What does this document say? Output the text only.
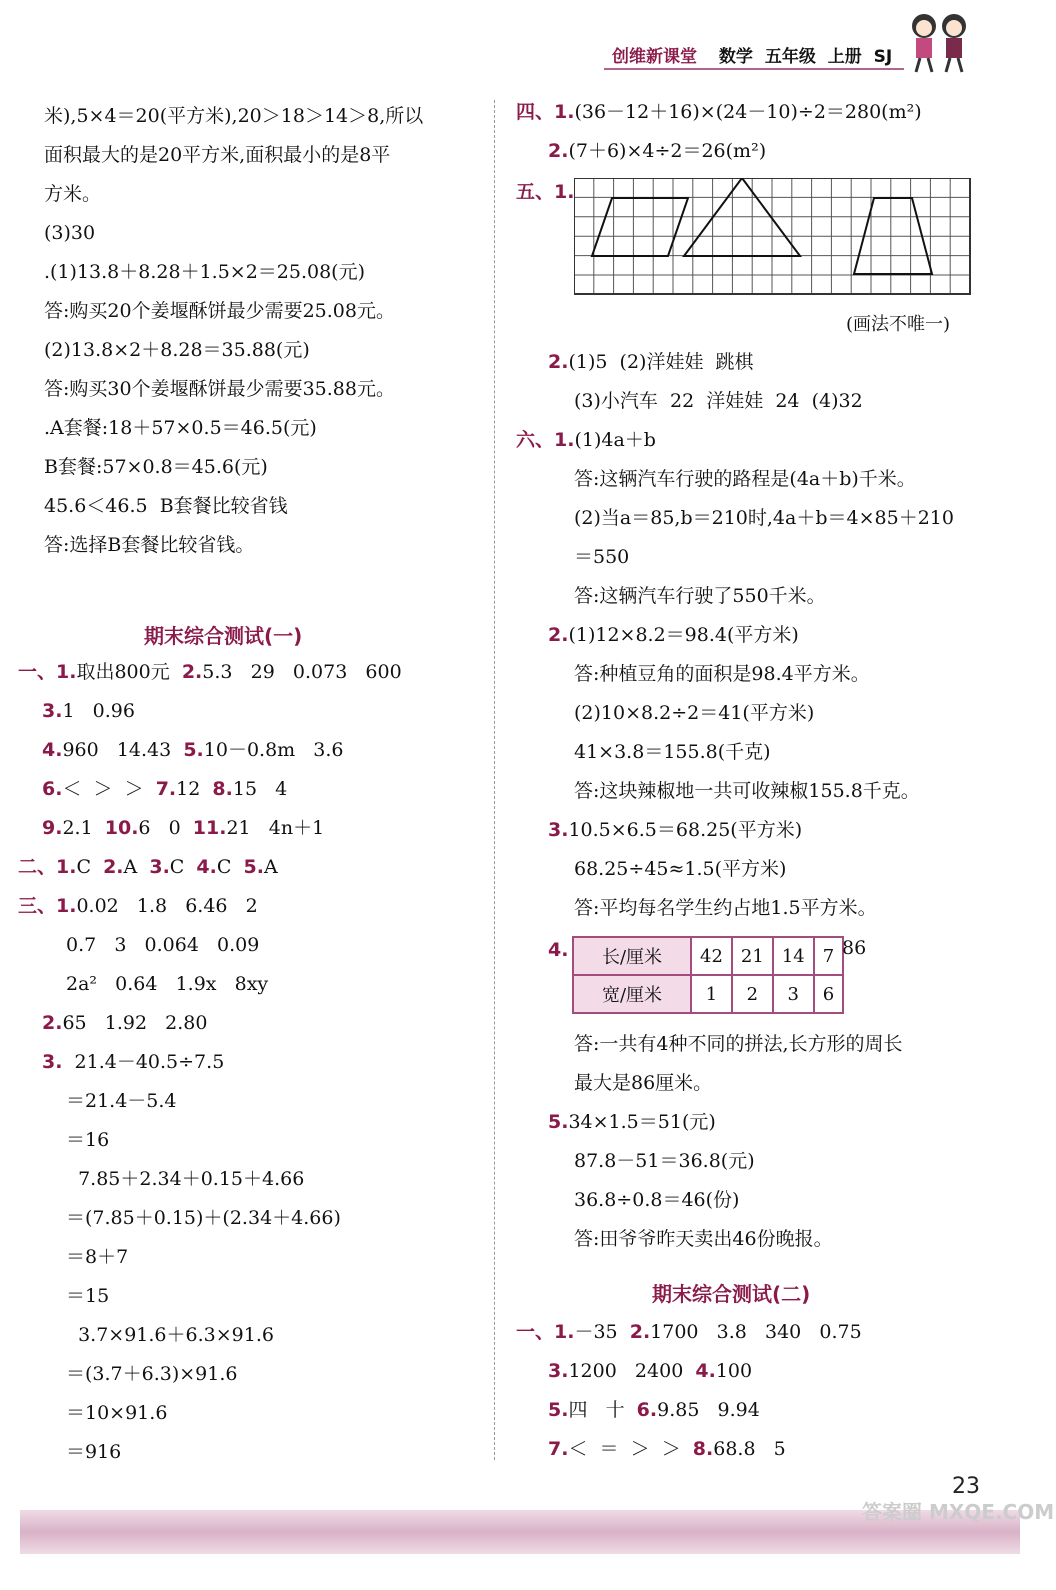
创维新课堂 数学 五年级 上册 SJ
米),5×4＝20(平方米),20＞18＞14＞8,所以
面积最大的是20平方米,面积最小的是8平
方米。
(3)30
.(1)13.8＋8.28＋1.5×2＝25.08(元)
答:购买20个姜堰酥饼最少需要25.08元。
(2)13.8×2＋8.28＝35.88(元)
答:购买30个姜堰酥饼最少需要35.88元。
.A套餐:18＋57×0.5＝46.5(元)
B套餐:57×0.8＝45.6(元)
45.6＜46.5  B套餐比较省钱
答:选择B套餐比较省钱。
期末综合测试(一)
一、1.取出800元  2.5.3   29   0.073   600
3.1   0.96
4.960   14.43  5.10－0.8m   3.6
6.＜  ＞  ＞  7.12  8.15   4
9.2.1  10.6   0  11.21   4n＋1
二、1.C  2.A  3.C  4.C  5.A
三、1.0.02   1.8   6.46   2
0.7   3   0.064   0.09
2a²   0.64   1.9x   8xy
2.65   1.92   2.80
3.  21.4－40.5÷7.5
＝21.4－5.4
＝16
7.85＋2.34＋0.15＋4.66
＝(7.85＋0.15)＋(2.34＋4.66)
＝8＋7
＝15
3.7×91.6＋6.3×91.6
＝(3.7＋6.3)×91.6
＝10×91.6
＝916
四、1.(36－12＋16)×(24－10)÷2＝280(m²)
2.(7＋6)×4÷2＝26(m²)
五、1.
(画法不唯一)
2.(1)5  (2)洋娃娃  跳棋
(3)小汽车  22  洋娃娃  24  (4)32
六、1.(1)4a＋b
答:这辆汽车行驶的路程是(4a＋b)千米。
(2)当a＝85,b＝210时,4a＋b＝4×85＋210
＝550
答:这辆汽车行驶了550千米。
2.(1)12×8.2＝98.4(平方米)
答:种植豆角的面积是98.4平方米。
(2)10×8.2÷2＝41(平方米)
41×3.8＝155.8(千克)
答:这块辣椒地一共可收辣椒155.8千克。
3.10.5×6.5＝68.25(平方米)
68.25÷45≈1.5(平方米)
答:平均每名学生约占地1.5平方米。
4. 长/厘米	42	21	14	7
宽/厘米	1	2	3	6
86
答:一共有4种不同的拼法,长方形的周长
最大是86厘米。
5.34×1.5＝51(元)
87.8－51＝36.8(元)
36.8÷0.8＝46(份)
答:田爷爷昨天卖出46份晚报。
期末综合测试(二)
一、1.－35  2.1700   3.8   340   0.75
3.1200   2400  4.100
5.四   十  6.9.85   9.94
7.＜  ＝  ＞  ＞  8.68.8   5
23
答案圈 MXQE.COM
